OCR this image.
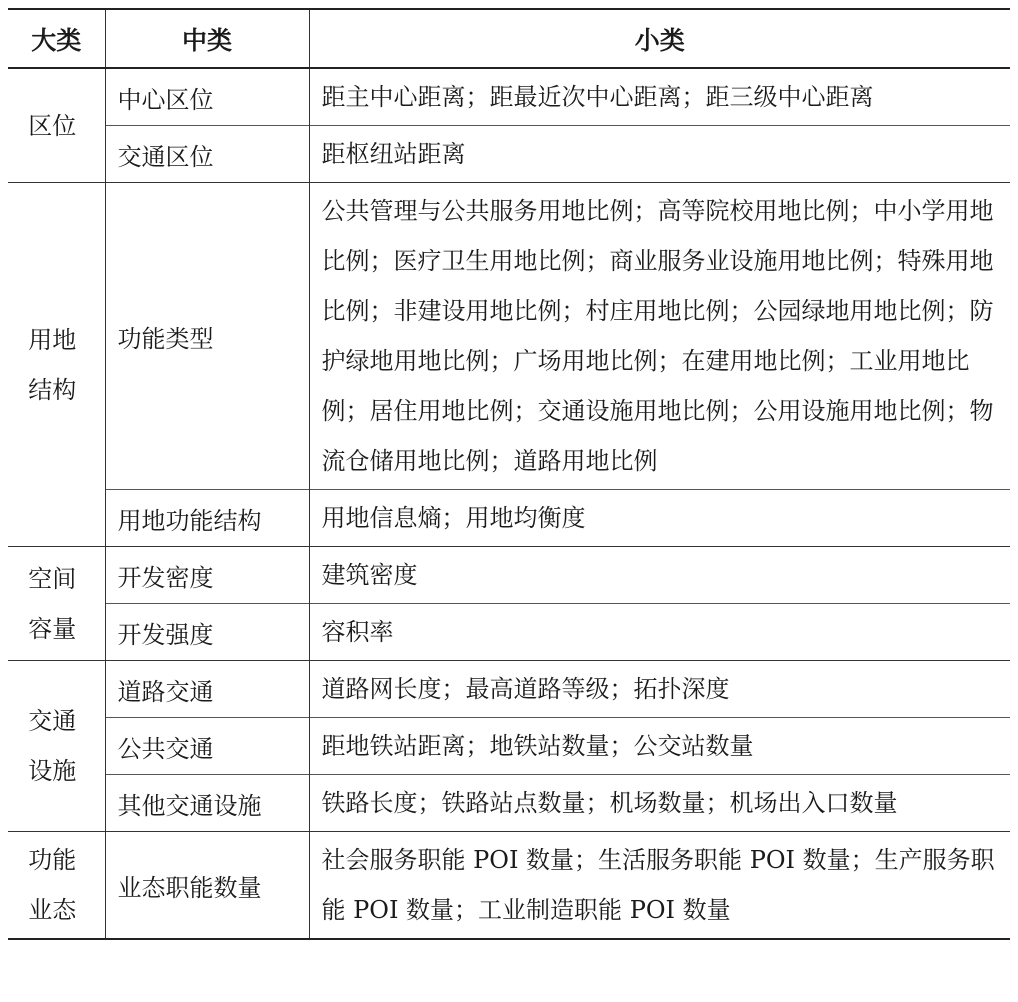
大类	中类	小类
区位	中心区位	距主中心距离；距最近次中心距离；距三级中心距离
	交通区位	距枢纽站距离
用地结构	功能类型	公共管理与公共服务用地比例；高等院校用地比例；中小学用地比例；医疗卫生用地比例；商业服务业设施用地比例；特殊用地比例；非建设用地比例；村庄用地比例；公园绿地用地比例；防护绿地用地比例；广场用地比例；在建用地比例；工业用地比例；居住用地比例；交通设施用地比例；公用设施用地比例；物流仓储用地比例；道路用地比例
	用地功能结构	用地信息熵；用地均衡度
空间容量	开发密度	建筑密度
	开发强度	容积率
交通设施	道路交通	道路网长度；最高道路等级；拓扑深度
	公共交通	距地铁站距离；地铁站数量；公交站数量
	其他交通设施	铁路长度；铁路站点数量；机场数量；机场出入口数量
功能业态	业态职能数量	社会服务职能 POI 数量；生活服务职能 POI 数量；生产服务职能 POI 数量；工业制造职能 POI 数量
